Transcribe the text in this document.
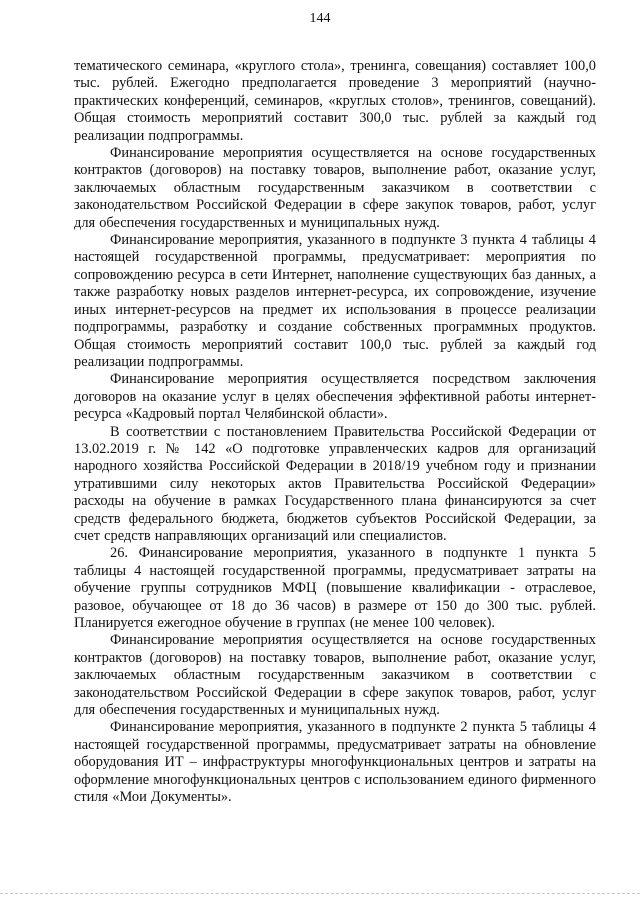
144

тематического семинара, «круглого стола», тренинга, совещания) составляет 100,0 тыс. рублей. Ежегодно предполагается проведение 3 мероприятий (научно-практических конференций, семинаров, «круглых столов», тренингов, совещаний). Общая стоимость мероприятий составит 300,0 тыс. рублей за каждый год реализации подпрограммы.

Финансирование мероприятия осуществляется на основе государственных контрактов (договоров) на поставку товаров, выполнение работ, оказание услуг, заключаемых областным государственным заказчиком в соответствии с законодательством Российской Федерации в сфере закупок товаров, работ, услуг для обеспечения государственных и муниципальных нужд.

Финансирование мероприятия, указанного в подпункте 3 пункта 4 таблицы 4 настоящей государственной программы, предусматривает: мероприятия по сопровождению ресурса в сети Интернет, наполнение существующих баз данных, а также разработку новых разделов интернет-ресурса, их сопровождение, изучение иных интернет-ресурсов на предмет их использования в процессе реализации подпрограммы, разработку и создание собственных программных продуктов. Общая стоимость мероприятий составит 100,0 тыс. рублей за каждый год реализации подпрограммы.

Финансирование мероприятия осуществляется посредством заключения договоров на оказание услуг в целях обеспечения эффективной работы интернет-ресурса «Кадровый портал Челябинской области».

В соответствии с постановлением Правительства Российской Федерации от 13.02.2019 г. № 142 «О подготовке управленческих кадров для организаций народного хозяйства Российской Федерации в 2018/19 учебном году и признании утратившими силу некоторых актов Правительства Российской Федерации» расходы на обучение в рамках Государственного плана финансируются за счет средств федерального бюджета, бюджетов субъектов Российской Федерации, за счет средств направляющих организаций или специалистов.

26. Финансирование мероприятия, указанного в подпункте 1 пункта 5 таблицы 4 настоящей государственной программы, предусматривает затраты на обучение группы сотрудников МФЦ (повышение квалификации - отраслевое, разовое, обучающее от 18 до 36 часов) в размере от 150 до 300 тыс. рублей. Планируется ежегодное обучение в группах (не менее 100 человек).

Финансирование мероприятия осуществляется на основе государственных контрактов (договоров) на поставку товаров, выполнение работ, оказание услуг, заключаемых областным государственным заказчиком в соответствии с законодательством Российской Федерации в сфере закупок товаров, работ, услуг для обеспечения государственных и муниципальных нужд.

Финансирование мероприятия, указанного в подпункте 2 пункта 5 таблицы 4 настоящей государственной программы, предусматривает затраты на обновление оборудования ИТ – инфраструктуры многофункциональных центров и затраты на оформление многофункциональных центров с использованием единого фирменного стиля «Мои Документы».
